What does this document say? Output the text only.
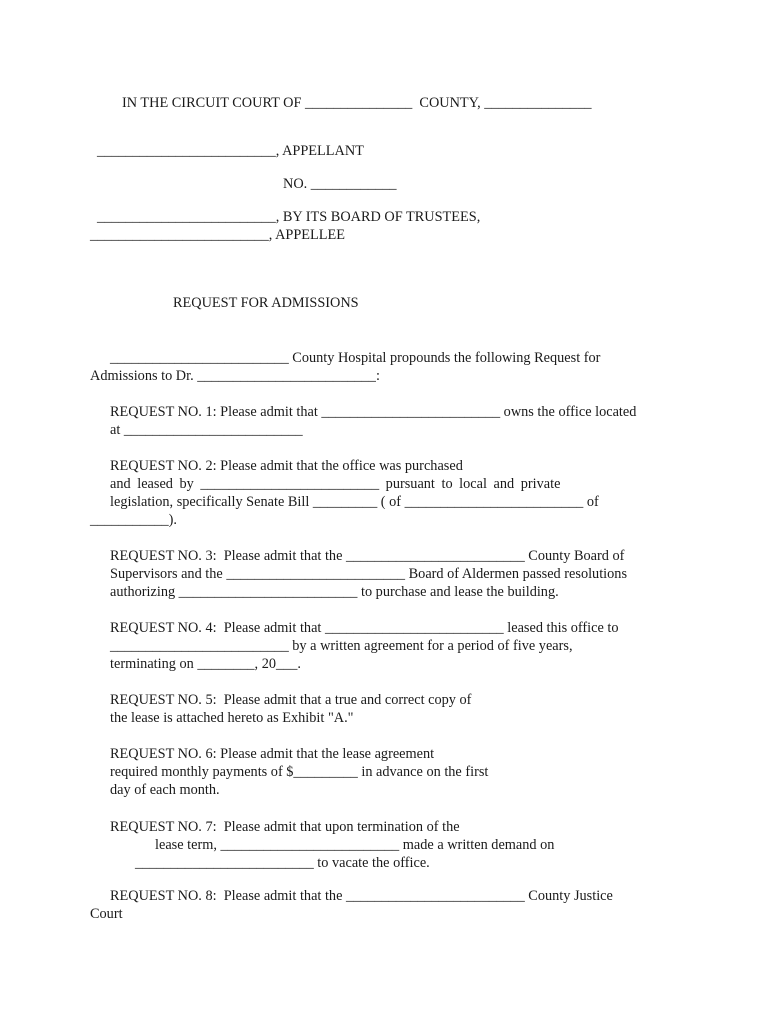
IN THE CIRCUIT COURT OF _______________  COUNTY, _______________

_________________________, APPELLANT

NO. ____________

_________________________, BY ITS BOARD OF TRUSTEES,

_________________________, APPELLEE

REQUEST FOR ADMISSIONS

_________________________ County Hospital propounds the following Request for

Admissions to Dr. _________________________:

REQUEST NO. 1: Please admit that _________________________ owns the office located

at _________________________

REQUEST NO. 2: Please admit that the office was purchased

and leased by _________________________ pursuant to local and private

legislation, specifically Senate Bill _________ ( of _________________________ of

___________).

REQUEST NO. 3:  Please admit that the _________________________ County Board of

Supervisors and the _________________________ Board of Aldermen passed resolutions

authorizing _________________________ to purchase and lease the building.

REQUEST NO. 4:  Please admit that _________________________ leased this office to

_________________________ by a written agreement for a period of five years,

terminating on ________, 20___.

REQUEST NO. 5:  Please admit that a true and correct copy of

the lease is attached hereto as Exhibit "A."

REQUEST NO. 6: Please admit that the lease agreement

required monthly payments of $_________ in advance on the first

day of each month.

REQUEST NO. 7:  Please admit that upon termination of the

lease term, _________________________ made a written demand on

_________________________ to vacate the office.

REQUEST NO. 8:  Please admit that the _________________________ County Justice

Court
